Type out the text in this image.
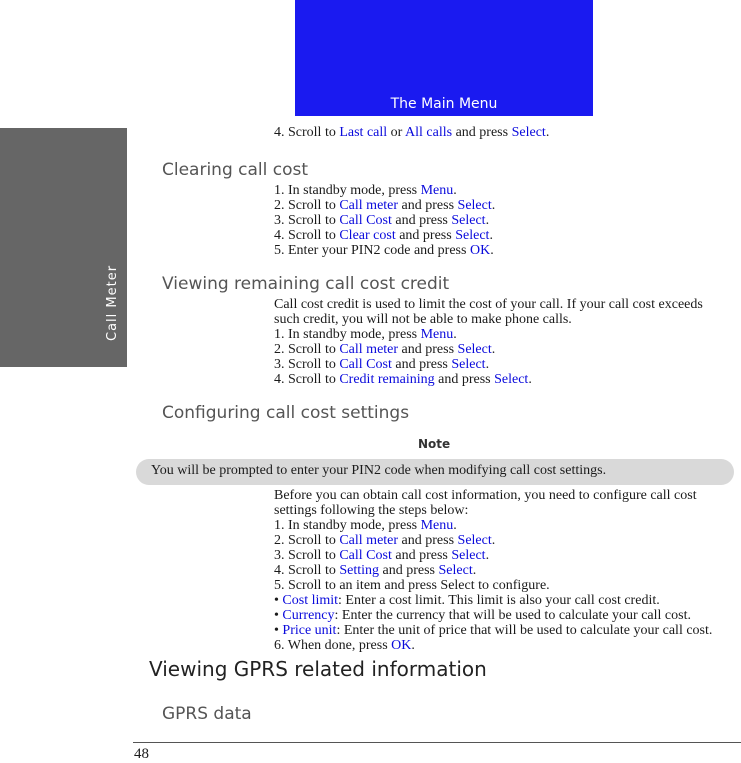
Call Meter
The Main Menu
4. Scroll to Last call or All calls and press Select.
Clearing call cost
1. In standby mode, press Menu.
2. Scroll to Call meter and press Select.
3. Scroll to Call Cost and press Select.
4. Scroll to Clear cost and press Select.
5. Enter your PIN2 code and press OK.
Viewing remaining call cost credit
Call cost credit is used to limit the cost of your call. If your call cost exceeds
such credit, you will not be able to make phone calls.
1. In standby mode, press Menu.
2. Scroll to Call meter and press Select.
3. Scroll to Call Cost and press Select.
4. Scroll to Credit remaining and press Select.
Configuring call cost settings
Note
You will be prompted to enter your PIN2 code when modifying call cost settings.
Before you can obtain call cost information, you need to configure call cost
settings following the steps below:
1. In standby mode, press Menu.
2. Scroll to Call meter and press Select.
3. Scroll to Call Cost and press Select.
4. Scroll to Setting and press Select.
5. Scroll to an item and press Select to configure.
• Cost limit: Enter a cost limit. This limit is also your call cost credit.
• Currency: Enter the currency that will be used to calculate your call cost.
• Price unit: Enter the unit of price that will be used to calculate your call cost.
6. When done, press OK.
Viewing GPRS related information
GPRS data
48
